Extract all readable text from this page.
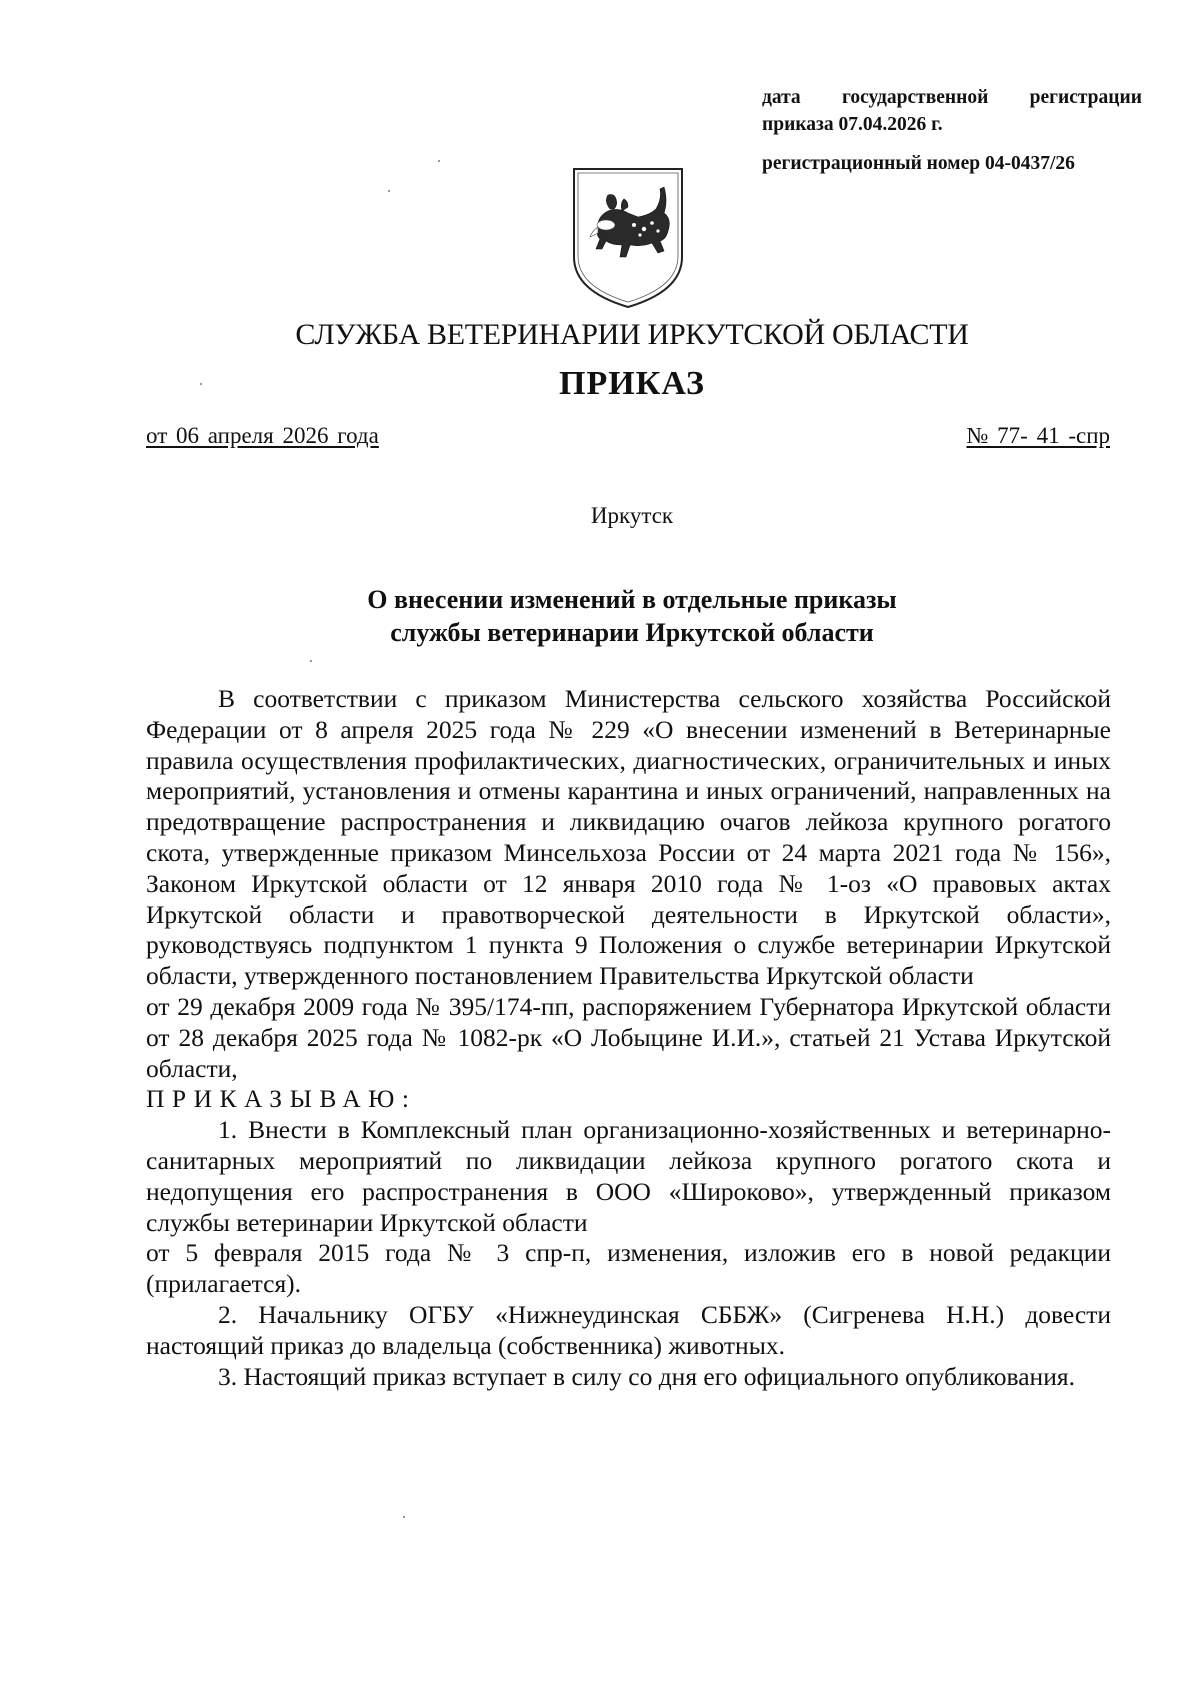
дата государственной регистрации
приказа 07.04.2026 г.
регистрационный номер 04-0437/26
СЛУЖБА ВЕТЕРИНАРИИ ИРКУТСКОЙ ОБЛАСТИ
ПРИКАЗ
от 06 апреля 2026 года	№ 77- 41 -спр
Иркутск
О внесении изменений в отдельные приказы
службы ветеринарии Иркутской области

В соответствии с приказом Министерства сельского хозяйства Российской Федерации от 8 апреля 2025 года № 229 «О внесении изменений в Ветеринарные правила осуществления профилактических, диагностических, ограничительных и иных мероприятий, установления и отмены карантина и иных ограничений, направленных на предотвращение распространения и ликвидацию очагов лейкоза крупного рогатого скота, утвержденные приказом Минсельхоза России от 24 марта 2021 года № 156», Законом Иркутской области от 12 января 2010 года № 1-оз «О правовых актах Иркутской области и правотворческой деятельности в Иркутской области», руководствуясь подпунктом 1 пункта 9 Положения о службе ветеринарии Иркутской области, утвержденного постановлением Правительства Иркутской области

от 29 декабря 2009 года № 395/174-пп, распоряжением Губернатора Иркутской области от 28 декабря 2025 года № 1082-рк «О Лобыцине И.И.», статьей 21 Устава Иркутской области,

ПРИКАЗЫВАЮ:

1. Внести в Комплексный план организационно-хозяйственных и ветеринарно-санитарных мероприятий по ликвидации лейкоза крупного рогатого скота и недопущения его распространения в ООО «Широково», утвержденный приказом службы ветеринарии Иркутской области

от 5 февраля 2015 года № 3 спр-п, изменения, изложив его в новой редакции (прилагается).

2. Начальнику ОГБУ «Нижнеудинская СББЖ» (Сигренева Н.Н.) довести настоящий приказ до владельца (собственника) животных.

3. Настоящий приказ вступает в силу со дня его официального опубликования.
